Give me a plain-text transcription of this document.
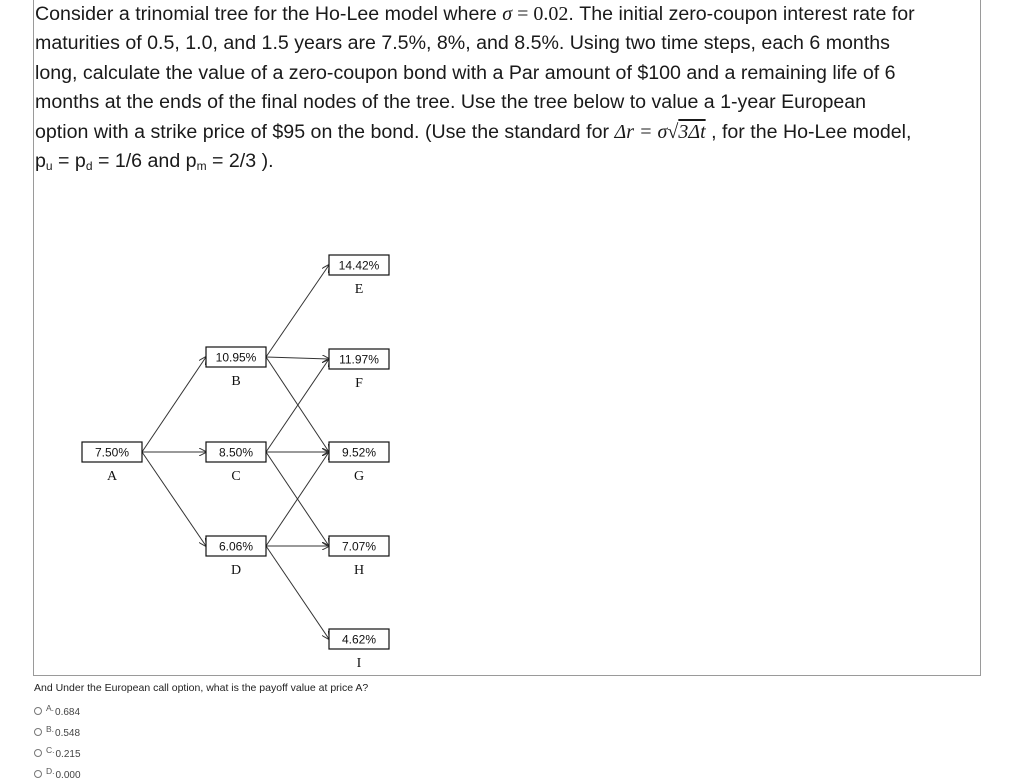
Consider a trinomial tree for the Ho-Lee model where σ = 0.02. The initial zero-coupon interest rate for maturities of 0.5, 1.0, and 1.5 years are 7.5%, 8%, and 8.5%. Using two time steps, each 6 months long, calculate the value of a zero-coupon bond with a Par amount of $100 and a remaining life of 6 months at the ends of the final nodes of the tree. Use the tree below to value a 1-year European option with a strike price of $95 on the bond. (Use the standard for Δr = σ√3Δt , for the Ho-Lee model, $p_u = p_d = 1/6$ and $p_m = 2/3$ ).

7.50%
A
10.95%
B
8.50%
C
6.06%
D
14.42%
E
11.97%
F
9.52%
G
7.07%
H
4.62%
I
And Under the European call option, what is the payoff value at price A?
A. 0.684
B. 0.548
C. 0.215
D. 0.000
